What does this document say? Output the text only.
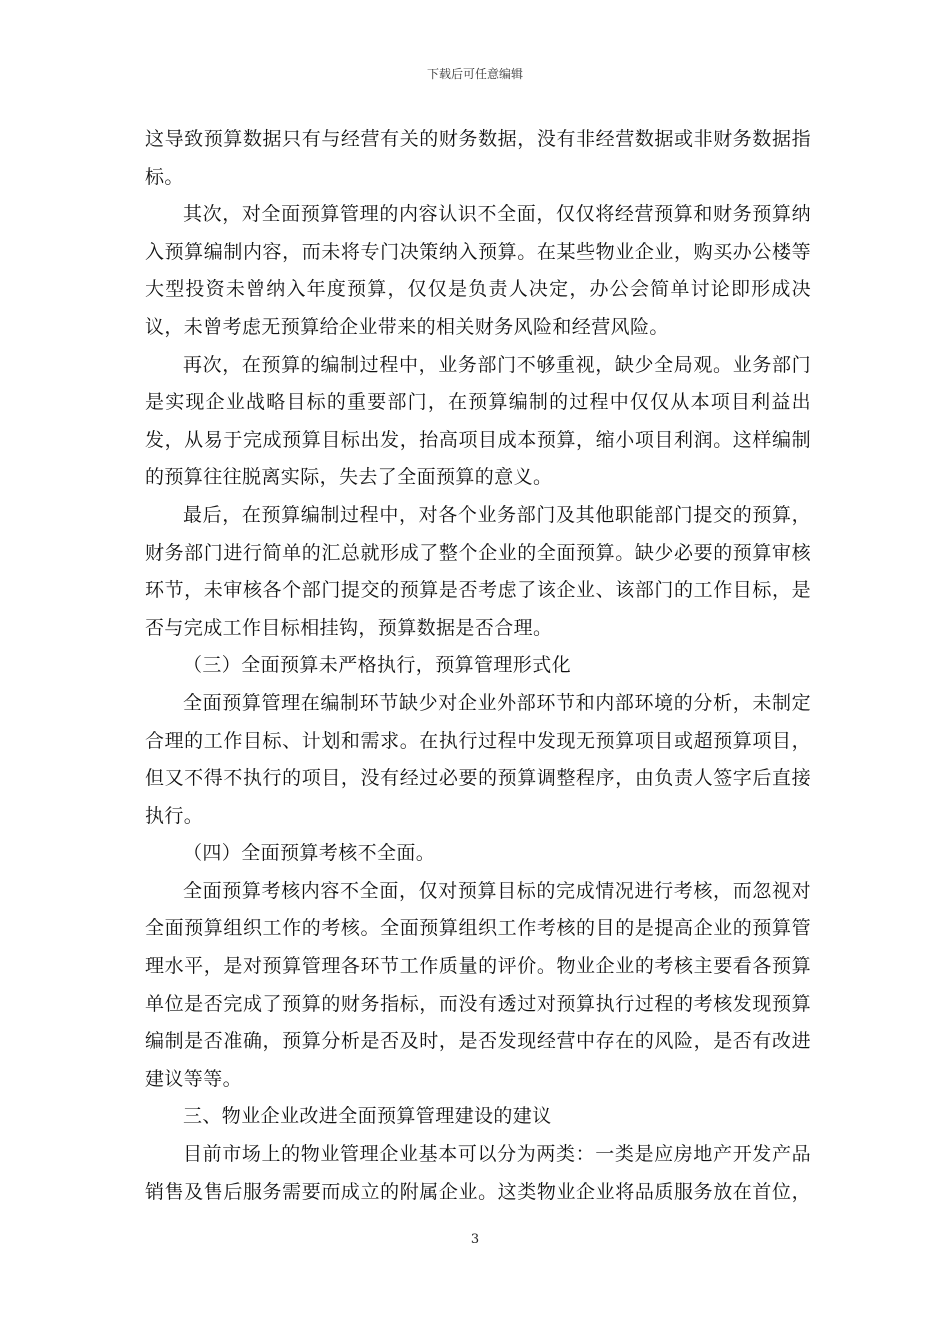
下载后可任意编辑

这导致预算数据只有与经营有关的财务数据，没有非经营数据或非财务数据指标。

其次，对全面预算管理的内容认识不全面，仅仅将经营预算和财务预算纳入预算编制内容，而未将专门决策纳入预算。在某些物业企业，购买办公楼等大型投资未曾纳入年度预算，仅仅是负责人决定，办公会简单讨论即形成决议，未曾考虑无预算给企业带来的相关财务风险和经营风险。

再次，在预算的编制过程中，业务部门不够重视，缺少全局观。业务部门是实现企业战略目标的重要部门，在预算编制的过程中仅仅从本项目利益出发，从易于完成预算目标出发，抬高项目成本预算，缩小项目利润。这样编制的预算往往脱离实际，失去了全面预算的意义。

最后，在预算编制过程中，对各个业务部门及其他职能部门提交的预算，财务部门进行简单的汇总就形成了整个企业的全面预算。缺少必要的预算审核环节，未审核各个部门提交的预算是否考虑了该企业、该部门的工作目标，是否与完成工作目标相挂钩，预算数据是否合理。

（三）全面预算未严格执行，预算管理形式化

全面预算管理在编制环节缺少对企业外部环节和内部环境的分析，未制定合理的工作目标、计划和需求。在执行过程中发现无预算项目或超预算项目，但又不得不执行的项目，没有经过必要的预算调整程序，由负责人签字后直接执行。

（四）全面预算考核不全面。

全面预算考核内容不全面，仅对预算目标的完成情况进行考核，而忽视对全面预算组织工作的考核。全面预算组织工作考核的目的是提高企业的预算管理水平，是对预算管理各环节工作质量的评价。物业企业的考核主要看各预算单位是否完成了预算的财务指标，而没有透过对预算执行过程的考核发现预算编制是否准确，预算分析是否及时，是否发现经营中存在的风险，是否有改进建议等等。

三、物业企业改进全面预算管理建设的建议

目前市场上的物业管理企业基本可以分为两类：一类是应房地产开发产品销售及售后服务需要而成立的附属企业。这类物业企业将品质服务放在首位，

3
